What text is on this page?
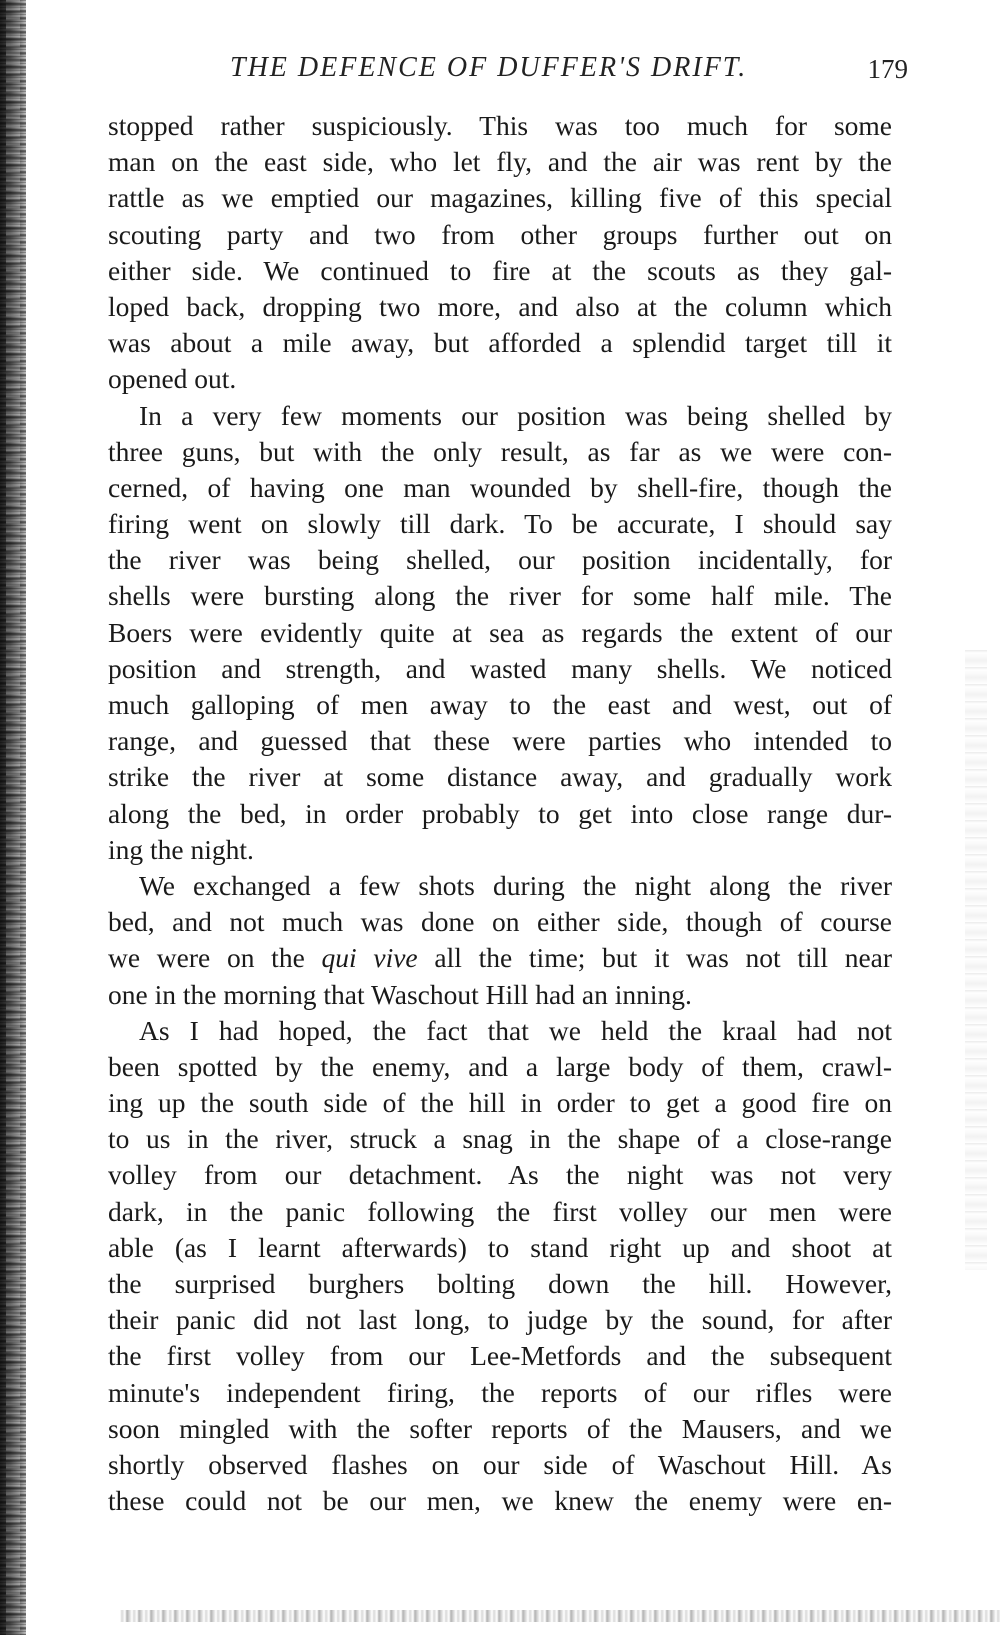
THE DEFENCE OF DUFFER'S DRIFT.	179

stopped rather suspiciously. This was too much for some
man on the east side, who let fly, and the air was rent by the
rattle as we emptied our magazines, killing five of this special
scouting party and two from other groups further out on
either side. We continued to fire at the scouts as they gal-
loped back, dropping two more, and also at the column which
was about a mile away, but afforded a splendid target till it
opened out.

In a very few moments our position was being shelled by
three guns, but with the only result, as far as we were con-
cerned, of having one man wounded by shell-fire, though the
firing went on slowly till dark. To be accurate, I should say
the river was being shelled, our position incidentally, for
shells were bursting along the river for some half mile. The
Boers were evidently quite at sea as regards the extent of our
position and strength, and wasted many shells. We noticed
much galloping of men away to the east and west, out of
range, and guessed that these were parties who intended to
strike the river at some distance away, and gradually work
along the bed, in order probably to get into close range dur-
ing the night.

We exchanged a few shots during the night along the river
bed, and not much was done on either side, though of course
we were on the qui vive all the time; but it was not till near
one in the morning that Waschout Hill had an inning.

As I had hoped, the fact that we held the kraal had not
been spotted by the enemy, and a large body of them, crawl-
ing up the south side of the hill in order to get a good fire on
to us in the river, struck a snag in the shape of a close-range
volley from our detachment. As the night was not very
dark, in the panic following the first volley our men were
able (as I learnt afterwards) to stand right up and shoot at
the surprised burghers bolting down the hill. However,
their panic did not last long, to judge by the sound, for after
the first volley from our Lee-Metfords and the subsequent
minute's independent firing, the reports of our rifles were
soon mingled with the softer reports of the Mausers, and we
shortly observed flashes on our side of Waschout Hill. As
these could not be our men, we knew the enemy were en-
